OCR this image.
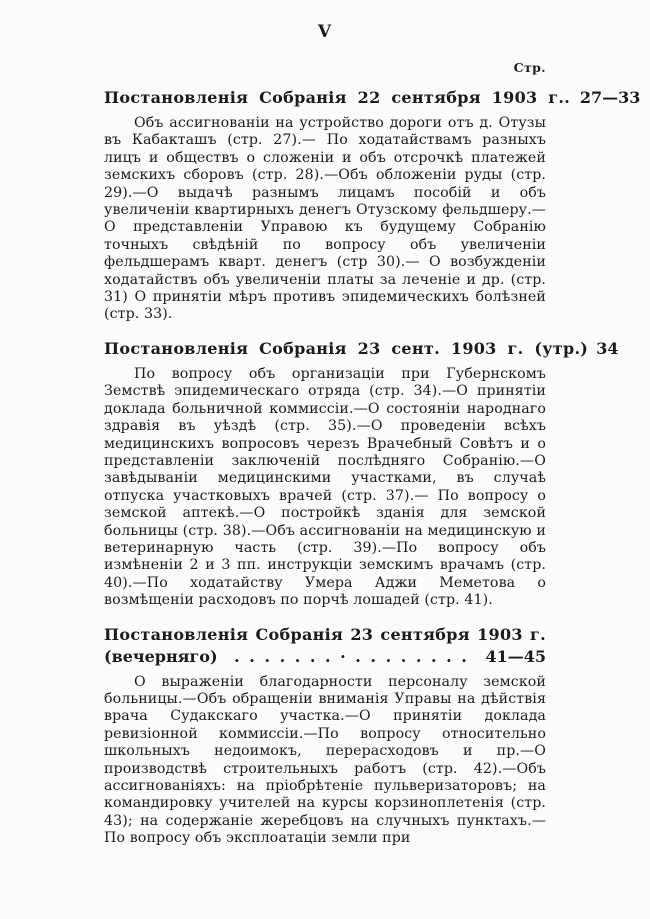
V
Стр.
Постановленія Собранія 22 сентября 1903 г. . 27—33

Объ ассигнованіи на устройство дороги отъ д. Отузы въ Кабакташъ (стр. 27).— По ходатайствамъ разныхъ лицъ и обществъ о сложеніи и объ отсрочкѣ платежей земскихъ сборовъ (стр. 28).—Объ обложеніи руды (стр. 29).—О выдачѣ разнымъ лицамъ пособій и объ увеличеніи квартирныхъ денегъ Отузскому фельдшеру.—О представленіи Управою къ будущему Собранію точныхъ свѣдѣній по вопросу объ увеличеніи фельдшерамъ кварт. денегъ (стр 30).— О возбужденіи ходатайствъ объ увеличеніи платы за леченіе и др. (стр. 31) О принятіи мѣръ противъ эпидемическихъ болѣзней (стр. 33).

Постановленія Собранія 23 сент. 1903 г. (утр.) 34

По вопросу объ организаціи при Губернскомъ Земствѣ эпидемическаго отряда (стр. 34).—О принятіи доклада больничной коммиссіи.—О состояніи народнаго здравія въ уѣздѣ (стр. 35).—О проведеніи всѣхъ медицинскихъ вопросовъ черезъ Врачебный Совѣтъ и о представленіи заключеній послѣдняго Собранію.—О завѣдываніи медицинскими участками, въ случаѣ отпуска участковыхъ врачей (стр. 37).— По вопросу о земской аптекѣ.—О постройкѣ зданія для земской больницы (стр. 38).—Объ ассигнованіи на медицинскую и ветеринарную часть (стр. 39).—По вопросу объ измѣненіи 2 и 3 пп. инструкціи земскимъ врачамъ (стр. 40).—По ходатайству Умера Аджи Меметова о возмѣщеніи расходовъ по порчѣ лошадей (стр. 41).

Постановленія Собранія 23 сентября 1903 г.
(вечерняго)	. . . . . . . · . . . . . . . .	41—45

О выраженіи благодарности персоналу земской больницы.—Объ обращеніи вниманія Управы на дѣйствія врача Судакскаго участка.—О принятіи доклада ревизіонной коммиссіи.—По вопросу относительно школьныхъ недоимокъ, перерасходовъ и пр.—О производствѣ строительныхъ работъ (стр. 42).—Объ ассигнованіяхъ: на пріобрѣтеніе пульверизаторовъ; на командировку учителей на курсы корзиноплетенія (стр. 43); на содержаніе жеребцовъ на случныхъ пунктахъ.—По вопросу объ эксплоатаціи земли при
